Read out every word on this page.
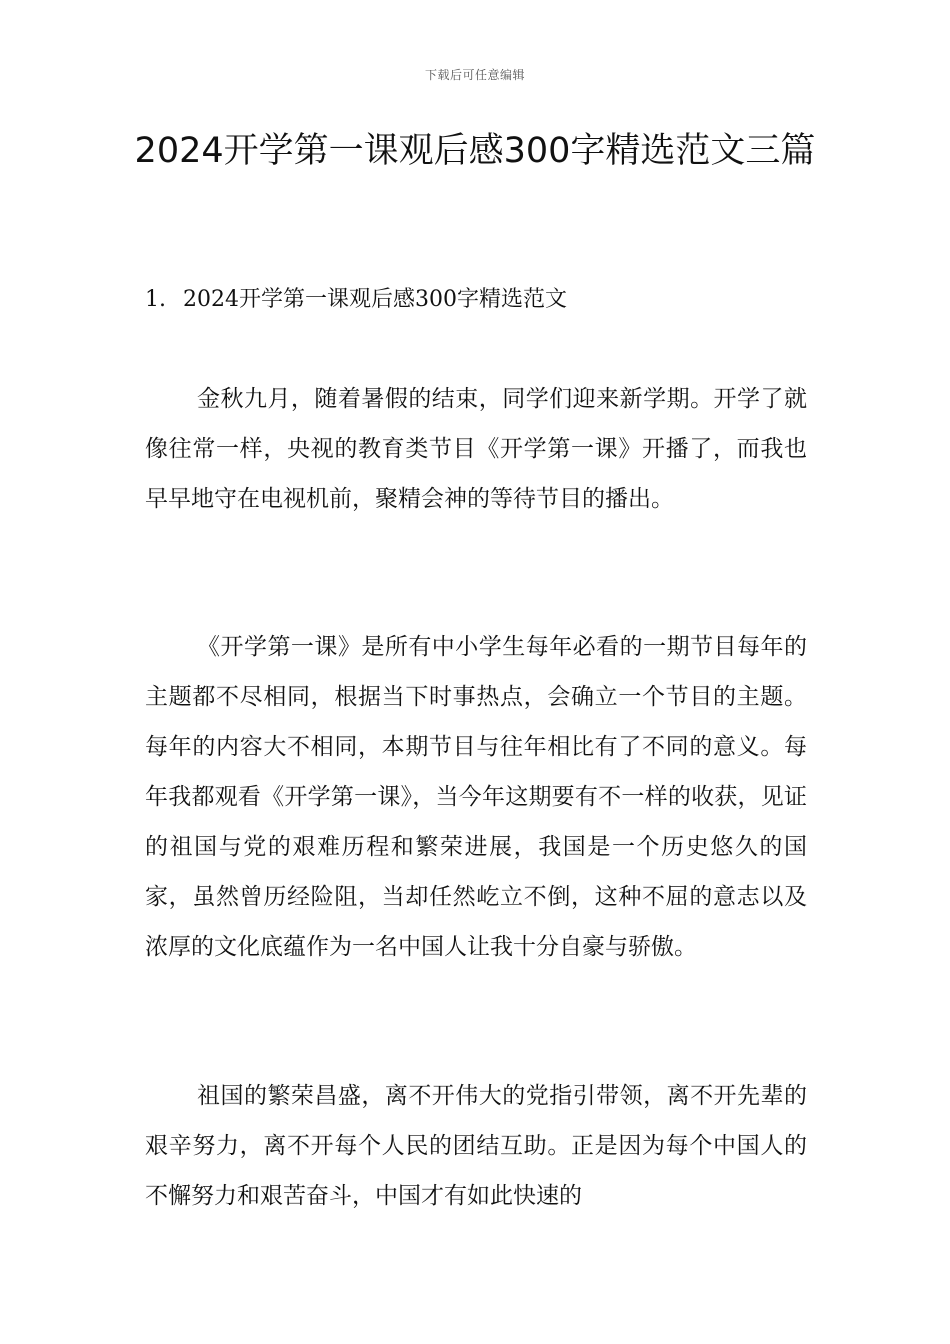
下载后可任意编辑
2024开学第一课观后感300字精选范文三篇
1. 2024开学第一课观后感300字精选范文

金秋九月，随着暑假的结束，同学们迎来新学期。开学了就像往常一样，央视的教育类节目《开学第一课》开播了，而我也早早地守在电视机前，聚精会神的等待节目的播出。

《开学第一课》是所有中小学生每年必看的一期节目每年的主题都不尽相同，根据当下时事热点，会确立一个节目的主题。每年的内容大不相同，本期节目与往年相比有了不同的意义。每年我都观看《开学第一课》，当今年这期要有不一样的收获，见证的祖国与党的艰难历程和繁荣进展，我国是一个历史悠久的国家，虽然曾历经险阻，当却任然屹立不倒，这种不屈的意志以及浓厚的文化底蕴作为一名中国人让我十分自豪与骄傲。

祖国的繁荣昌盛，离不开伟大的党指引带领，离不开先辈的艰辛努力，离不开每个人民的团结互助。正是因为每个中国人的不懈努力和艰苦奋斗，中国才有如此快速的
